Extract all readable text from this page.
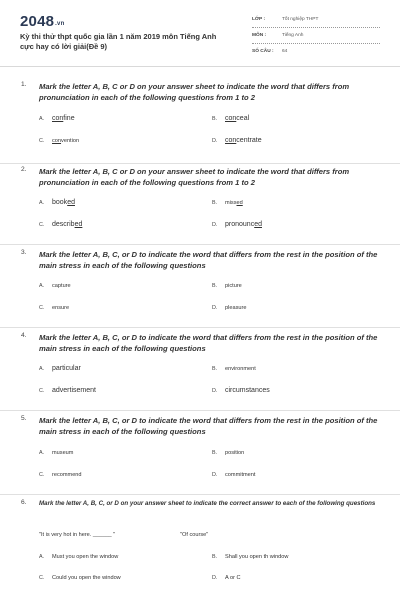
2048.vn
Kỳ thi thử thpt quốc gia lần 1 năm 2019 môn Tiếng Anh cực hay có lời giải(Đề 9)
LỚP :	Tốt nghiệp THPT
MÔN :	Tiếng Anh
SỐ CÂU : 64
1. Mark the letter A, B, C or D on your answer sheet to indicate the word that differs from pronunciation in each of the following questions from 1 to 2
A. confine	B. conceal
C. convention	D. concentrate
2. Mark the letter A, B, C or D on your answer sheet to indicate the word that differs from pronunciation in each of the following questions from 1 to 2
A. booked	B. missed
C. described	D. pronounced
3. Mark the letter A, B, C, or D to indicate the word that differs from the rest in the position of the main stress in each of the following questions
A. capture	B. picture
C. ensure	D. pleasure
4. Mark the letter A, B, C, or D to indicate the word that differs from the rest in the position of the main stress in each of the following questions
A. particular	B. environment
C. advertisement	D. circumstances
5. Mark the letter A, B, C, or D to indicate the word that differs from the rest in the position of the main stress in each of the following questions
A. museum	B. position
C. recommend	D. commitment
6. Mark the letter A, B, C, or D on your answer sheet to indicate the correct answer to each of the following questions
"It is very hot in here. ______ "	"Of course"
A. Must you open the window	B. Shall you open th window
C. Could you open the window	D. A or C
